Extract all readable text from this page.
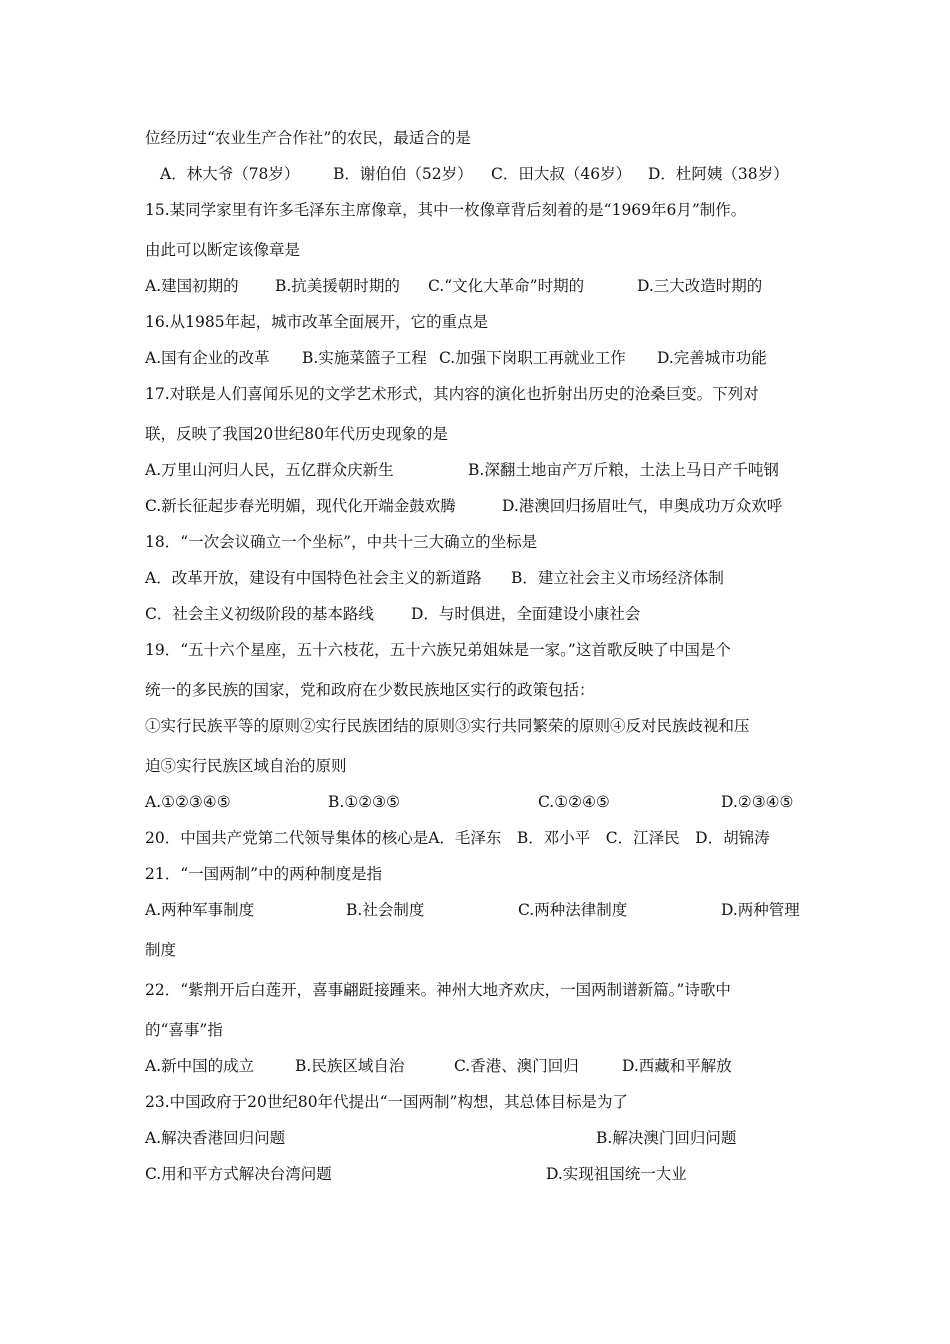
位经历过“农业生产合作社”的农民，最适合的是
A．林大爷（78岁） B．谢伯伯（52岁） C．田大叔（46岁） D．杜阿姨（38岁）
15.某同学家里有许多毛泽东主席像章，其中一枚像章背后刻着的是“1969年6月”制作。
由此可以断定该像章是
A.建国初期的 B.抗美援朝时期的 C.“文化大革命”时期的	D.三大改造时期的
16.从1985年起，城市改革全面展开，它的重点是
A.国有企业的改革 B.实施菜篮子工程 C.加强下岗职工再就业工作 D.完善城市功能
17.对联是人们喜闻乐见的文学艺术形式，其内容的演化也折射出历史的沧桑巨变。下列对
联，反映了我国20世纪80年代历史现象的是
A.万里山河归人民，五亿群众庆新生	B.深翻土地亩产万斤粮，土法上马日产千吨钢
C.新长征起步春光明媚，现代化开端金鼓欢腾	D.港澳回归扬眉吐气，申奥成功万众欢呼
18．“一次会议确立一个坐标”，中共十三大确立的坐标是
A．改革开放，建设有中国特色社会主义的新道路 B．建立社会主义市场经济体制
C．社会主义初级阶段的基本路线 D．与时俱进，全面建设小康社会
19．“五十六个星座，五十六枝花，五十六族兄弟姐妹是一家。”这首歌反映了中国是个
统一的多民族的国家，党和政府在少数民族地区实行的政策包括：
①实行民族平等的原则②实行民族团结的原则③实行共同繁荣的原则④反对民族歧视和压
迫⑤实行民族区域自治的原则
A.①②③④⑤	B.①②③⑤	C.①②④⑤	D.②③④⑤
20．中国共产党第二代领导集体的核心是A．毛泽东　B．邓小平　C．江泽民　D．胡锦涛
21．“一国两制”中的两种制度是指
A.两种军事制度	B.社会制度	C.两种法律制度	D.两种管理
制度
22．“紫荆开后白莲开，喜事翩跹接踵来。神州大地齐欢庆，一国两制谱新篇。”诗歌中
的“喜事”指
A.新中国的成立	B.民族区域自治	C.香港、澳门回归	D.西藏和平解放
23.中国政府于20世纪80年代提出“一国两制”构想，其总体目标是为了
A.解决香港回归问题	B.解决澳门回归问题
C.用和平方式解决台湾问题	D.实现祖国统一大业
